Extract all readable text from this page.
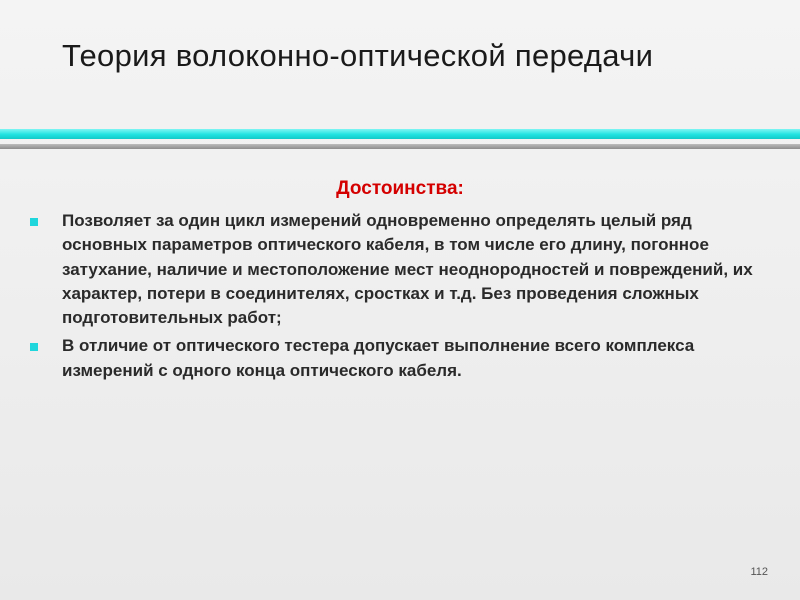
Теория волоконно-оптической передачи
Достоинства:
Позволяет за один цикл измерений одновременно определять целый ряд основных параметров оптического кабеля, в том числе его длину, погонное затухание, наличие и местоположение мест неоднородностей и повреждений, их характер, потери в соединителях, сростках и т.д. Без проведения сложных подготовительных работ;
В отличие от оптического тестера допускает выполнение всего комплекса измерений с одного конца оптического кабеля.
112
